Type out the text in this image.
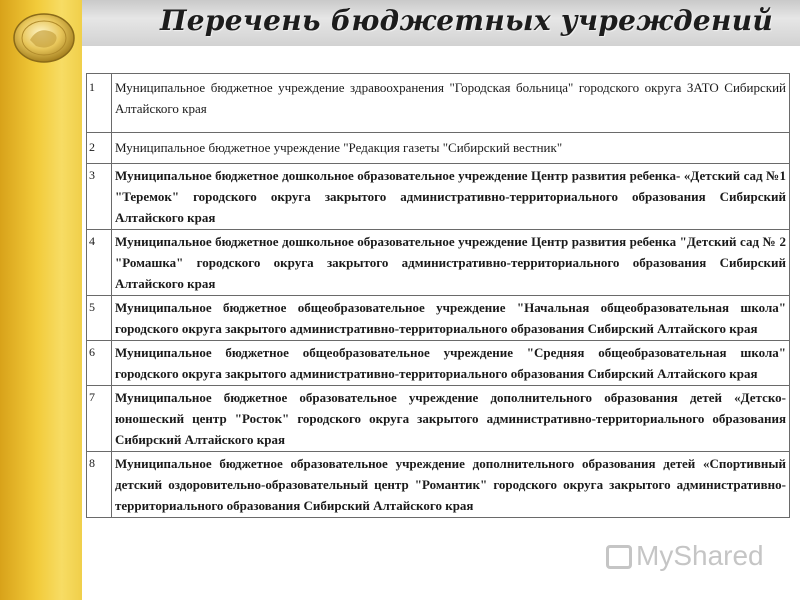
Перечень бюджетных учреждений
1	Муниципальное бюджетное учреждение здравоохранения "Городская больница" городского округа ЗАТО Сибирский Алтайского края
2	Муниципальное бюджетное учреждение "Редакция газеты "Сибирский вестник"
3	Муниципальное бюджетное дошкольное образовательное учреждение Центр развития ребенка- «Детский сад №1 "Теремок" городского округа закрытого административно-территориального образования Сибирский Алтайского края
4	Муниципальное бюджетное дошкольное образовательное учреждение Центр развития ребенка "Детский сад № 2 "Ромашка" городского округа закрытого административно-территориального образования Сибирский Алтайского края
5	Муниципальное бюджетное общеобразовательное учреждение "Начальная общеобразовательная школа" городского округа закрытого административно-территориального образования Сибирский Алтайского края
6	Муниципальное бюджетное общеобразовательное учреждение "Средняя общеобразовательная школа" городского округа закрытого административно-территориального образования Сибирский Алтайского края
7	Муниципальное бюджетное образовательное учреждение дополнительного образования детей «Детско-юношеский центр "Росток" городского округа закрытого административно-территориального образования Сибирский Алтайского края
8	Муниципальное бюджетное образовательное учреждение дополнительного образования детей «Спортивный детский оздоровительно-образовательный центр "Романтик" городского округа закрытого административно-территориального образования Сибирский Алтайского края
MyShared
